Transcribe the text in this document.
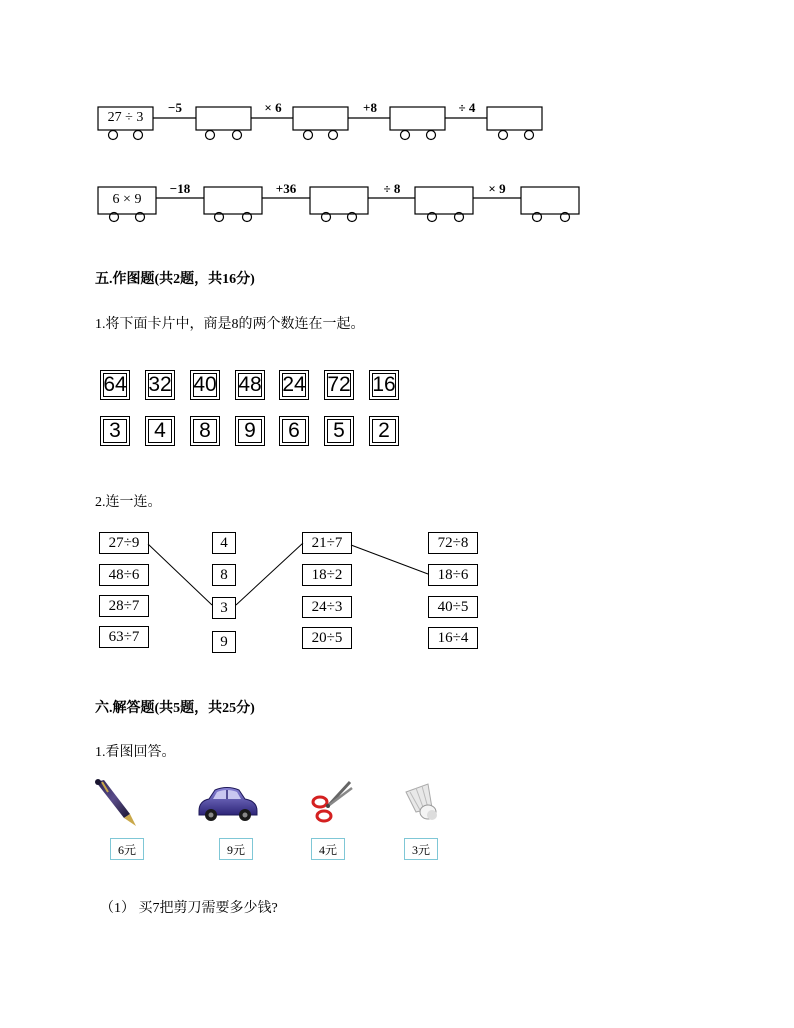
27 ÷ 3
−5	× 6	+8	÷ 4
6 × 9
−18	+36	÷ 8	× 9
五.作图题(共2题，共16分)
1.将下面卡片中，商是8的两个数连在一起。
64 32 40 48 24 72 16
3	4	8	9	6	5	2
2.连一连。
27÷9
48÷6
28÷7
63÷7
4
8
3
9
21÷7
18÷2
24÷3
20÷5
72÷8
18÷6
40÷5
16÷4
六.解答题(共5题，共25分)
1.看图回答。
6元	9元	4元	3元
（1） 买7把剪刀需要多少钱?
